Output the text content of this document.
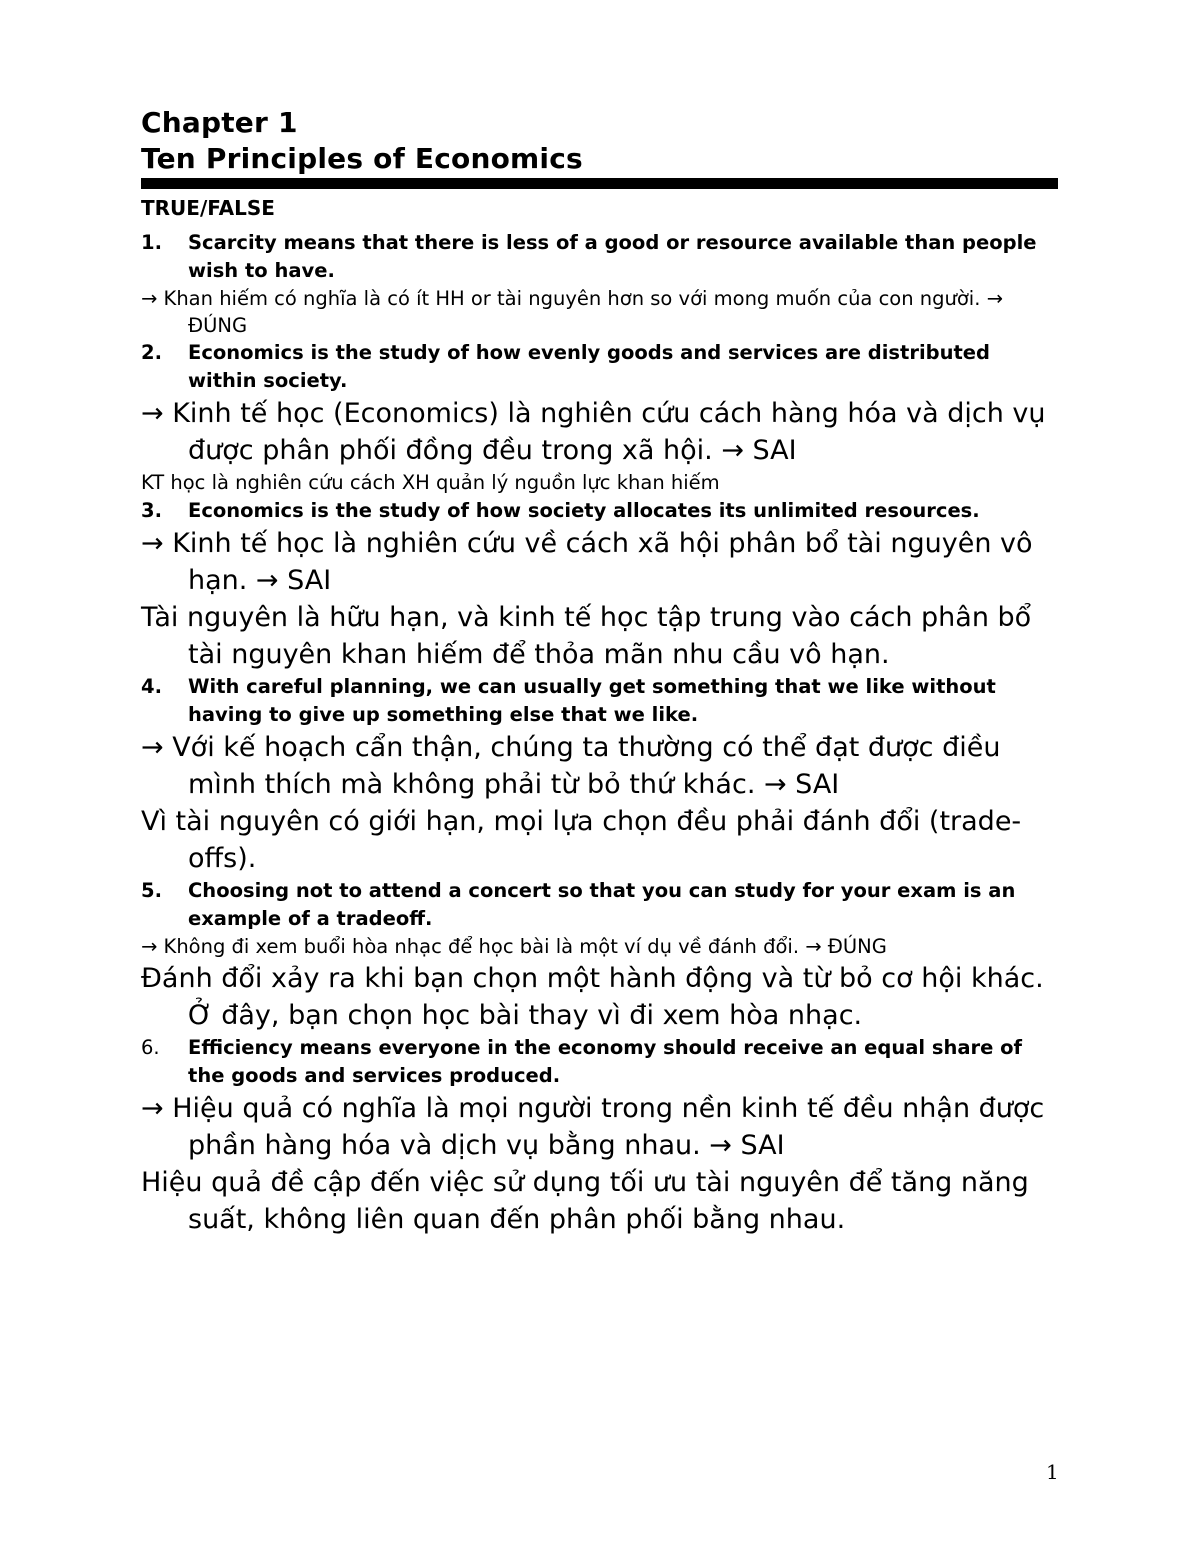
Chapter 1
Ten Principles of Economics
TRUE/FALSE
1.	Scarcity means that there is less of a good or resource available than people wish to have.
→ Khan hiếm có nghĩa là có ít HH or tài nguyên hơn so với mong muốn của con người. → ĐÚNG
2.	Economics is the study of how evenly goods and services are distributed within society.
→ Kinh tế học (Economics) là nghiên cứu cách hàng hóa và dịch vụ được phân phối đồng đều trong xã hội. → SAI
KT học là nghiên cứu cách XH quản lý nguồn lực khan hiếm
3.	Economics is the study of how society allocates its unlimited resources.
→ Kinh tế học là nghiên cứu về cách xã hội phân bổ tài nguyên vô hạn. → SAI
Tài nguyên là hữu hạn, và kinh tế học tập trung vào cách phân bổ tài nguyên khan hiếm để thỏa mãn nhu cầu vô hạn.
4.	With careful planning, we can usually get something that we like without having to give up something else that we like.
→ Với kế hoạch cẩn thận, chúng ta thường có thể đạt được điều mình thích mà không phải từ bỏ thứ khác. → SAI
Vì tài nguyên có giới hạn, mọi lựa chọn đều phải đánh đổi (trade-offs).
5.	Choosing not to attend a concert so that you can study for your exam is an example of a tradeoff.
→ Không đi xem buổi hòa nhạc để học bài là một ví dụ về đánh đổi. → ĐÚNG
Đánh đổi xảy ra khi bạn chọn một hành động và từ bỏ cơ hội khác. Ở đây, bạn chọn học bài thay vì đi xem hòa nhạc.
6.	Efficiency means everyone in the economy should receive an equal share of the goods and services produced.
→ Hiệu quả có nghĩa là mọi người trong nền kinh tế đều nhận được phần hàng hóa và dịch vụ bằng nhau. → SAI
Hiệu quả đề cập đến việc sử dụng tối ưu tài nguyên để tăng năng suất, không liên quan đến phân phối bằng nhau.
1
